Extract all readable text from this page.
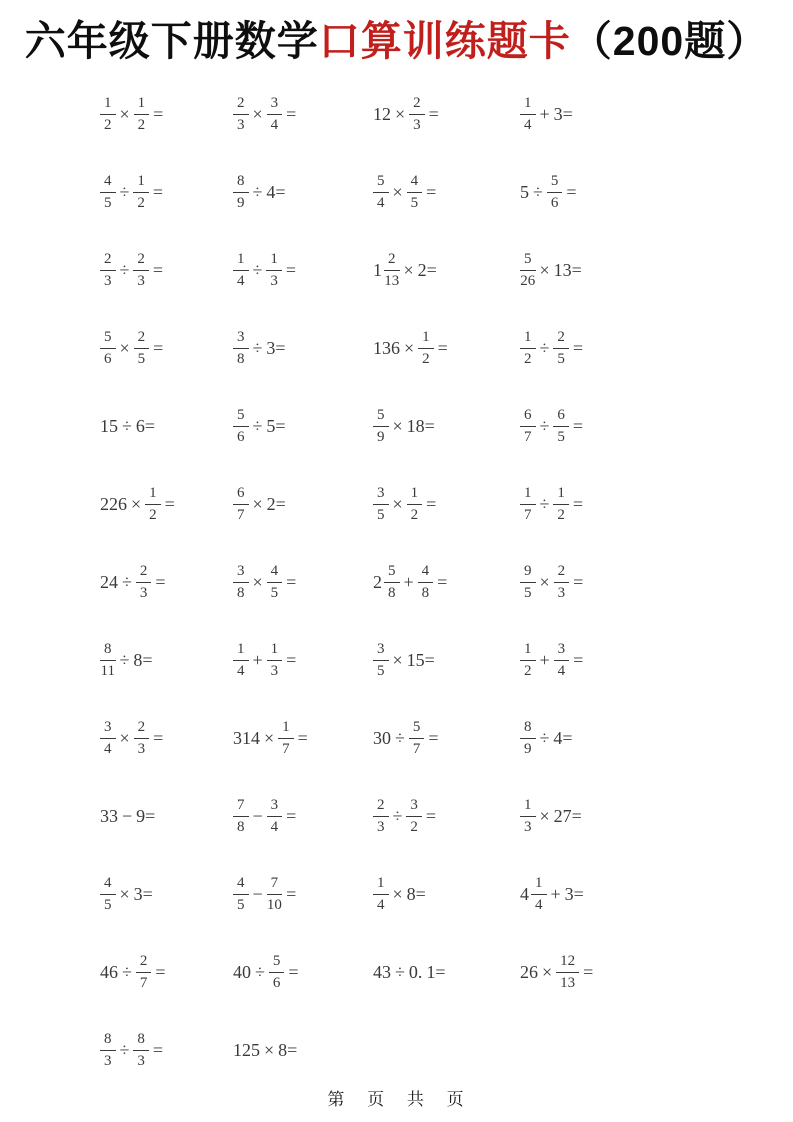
六年级下册数学口算训练题卡（200题）
$\frac{1}{2} \times \frac{1}{2}$ =	$\frac{2}{3} \times \frac{3}{4}$ =	$12 \times \frac{2}{3}$ =	$\frac{1}{4} + 3=$
$\frac{4}{5} \div \frac{1}{2}$ =	$\frac{8}{9} \div 4=$	$\frac{5}{4} \times \frac{4}{5}$ =	$5 \div \frac{5}{6}$ =
$\frac{2}{3} \div \frac{2}{3}$ =	$\frac{1}{4} \div \frac{1}{3}$ =	$1 \frac{2}{13} \times 2=$	$\frac{5}{26} \times 13=$
$\frac{5}{6} \times \frac{2}{5}$ =	$\frac{3}{8} \div 3=$	$136 \times \frac{1}{2}$ =	$\frac{1}{2} \div \frac{2}{5}$ =
15 ÷ 6=	$\frac{5}{6} \div 5=$	$\frac{5}{9} \times 18=$	$\frac{6}{7} \div \frac{6}{5}$ =
$226 \times \frac{1}{2}$ =	$\frac{6}{7} \times 2=$	$\frac{3}{5} \times \frac{1}{2}$ =	$\frac{1}{7} \div \frac{1}{2}$ =
$24 \div \frac{2}{3}$ =	$\frac{3}{8} \times \frac{4}{5}$ =	$2 \frac{5}{8} + \frac{4}{8}$ =	$\frac{9}{5} \times \frac{2}{3}$ =
$\frac{8}{11} \div 8=$	$\frac{1}{4} + \frac{1}{3}$ =	$\frac{3}{5} \times 15=$	$\frac{1}{2} + \frac{3}{4}$ =
$\frac{3}{4} \times \frac{2}{3}$ =	$314 \times \frac{1}{7}$ =	$30 \div \frac{5}{7}$ =	$\frac{8}{9} \div 4=$
33 − 9=	$\frac{7}{8} - \frac{3}{4}$ =	$\frac{2}{3} \div \frac{3}{2}$ =	$\frac{1}{3} \times 27=$
$\frac{4}{5} \times 3=$	$\frac{4}{5} - \frac{7}{10}$ =	$\frac{1}{4} \times 8=$	$4 \frac{1}{4} + 3=$
$46 \div \frac{2}{7}$ =	$40 \div \frac{5}{6}$ =	43 ÷ 0. 1=	$26 \times \frac{12}{13}$ =
$\frac{8}{3} \div \frac{8}{3}$ =	125 × 8=
第 页 共 页
